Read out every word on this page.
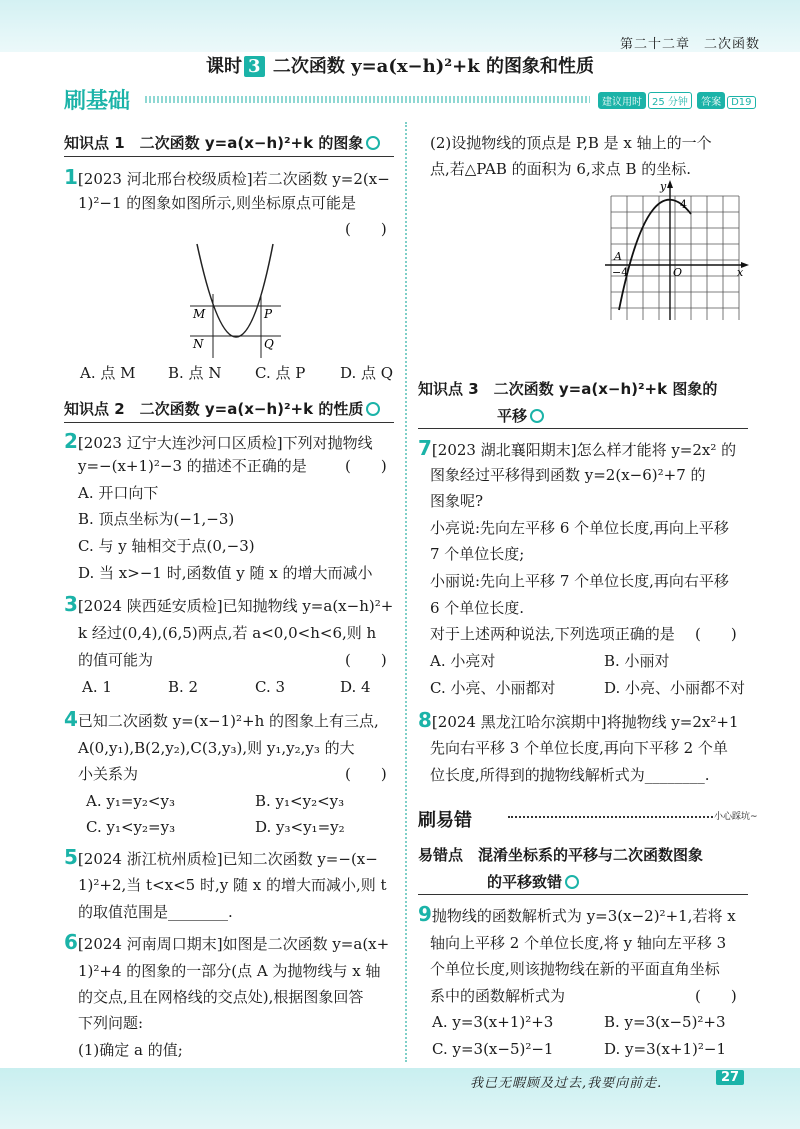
第二十二章　二次函数
课时 3 二次函数 y=a(x−h)²+k 的图象和性质
刷基础	建议用时 25 分钟 答案 D19
知识点 1　二次函数 y=a(x−h)²+k 的图象
1[2023 河北邢台校级质检]若二次函数 y=2(x−
1)²−1 的图象如图所示,则坐标原点可能是
(　　)
M	P
N	Q
A. 点 M B. 点 N C. 点 P D. 点 Q
知识点 2　二次函数 y=a(x−h)²+k 的性质
2[2023 辽宁大连沙河口区质检]下列对抛物线
y=−(x+1)²−3 的描述不正确的是	(　　)
A. 开口向下
B. 顶点坐标为(−1,−3)
C. 与 y 轴相交于点(0,−3)
D. 当 x>−1 时,函数值 y 随 x 的增大而减小
3[2024 陕西延安质检]已知抛物线 y=a(x−h)²+
k 经过(0,4),(6,5)两点,若 a<0,0<h<6,则 h
的值可能为	(　　)
A. 1	B. 2	C. 3	D. 4
4已知二次函数 y=(x−1)²+h 的图象上有三点,
A(0,y₁),B(2,y₂),C(3,y₃),则 y₁,y₂,y₃ 的大
小关系为	(　　)
A. y₁=y₂<y₃	B. y₁<y₂<y₃
C. y₁<y₂=y₃	D. y₃<y₁=y₂
5[2024 浙江杭州质检]已知二次函数 y=−(x−
1)²+2,当 t<x<5 时,y 随 x 的增大而减小,则 t
的取值范围是________.
6[2024 河南周口期末]如图是二次函数 y=a(x+
1)²+4 的图象的一部分(点 A 为抛物线与 x 轴
的交点,且在网格线的交点处),根据图象回答
下列问题:
(1)确定 a 的值;
(2)设抛物线的顶点是 P,B 是 x 轴上的一个
点,若△PAB 的面积为 6,求点 B 的坐标.
y
4
A
−4	O	x
知识点 3　二次函数 y=a(x−h)²+k 图象的
平移
7[2023 湖北襄阳期末]怎么样才能将 y=2x² 的
图象经过平移得到函数 y=2(x−6)²+7 的
图象呢?
小亮说:先向左平移 6 个单位长度,再向上平移
7 个单位长度;
小丽说:先向上平移 7 个单位长度,再向右平移
6 个单位长度.
对于上述两种说法,下列选项正确的是 (　　)
A. 小亮对	B. 小丽对
C. 小亮、小丽都对	D. 小亮、小丽都不对
8[2024 黑龙江哈尔滨期中]将抛物线 y=2x²+1
先向右平移 3 个单位长度,再向下平移 2 个单
位长度,所得到的抛物线解析式为________.
刷易错	小心踩坑~
易错点　混淆坐标系的平移与二次函数图象
的平移致错
9抛物线的函数解析式为 y=3(x−2)²+1,若将 x
轴向上平移 2 个单位长度,将 y 轴向左平移 3
个单位长度,则该抛物线在新的平面直角坐标
系中的函数解析式为	(　　)
A. y=3(x+1)²+3	B. y=3(x−5)²+3
C. y=3(x−5)²−1	D. y=3(x+1)²−1
我已无暇顾及过去,我要向前走.	27
